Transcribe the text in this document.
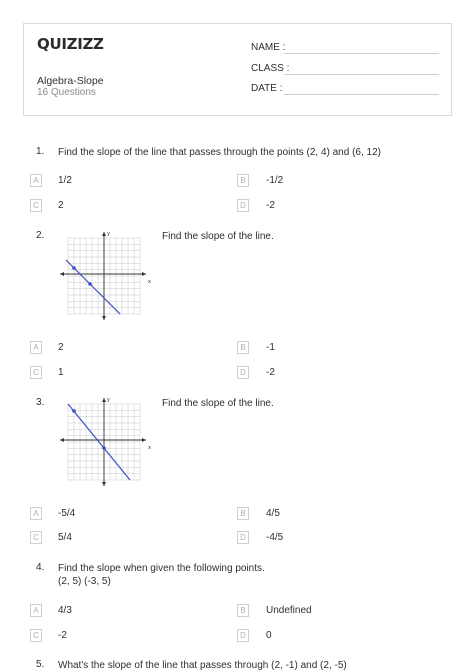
QUIZIZZ
Algebra-Slope
16 Questions
NAME :
CLASS :
DATE :
1. Find the slope of the line that passes through the points (2, 4) and (6, 12)
A	1/2	B	-1/2
C	2	D	-2
2.	Find the slope of the line.
x
y
A	2	B	-1
C	1	D	-2
3.	Find the slope of the line.
x
y
A	-5/4	B	4/5
C	5/4	D	-4/5
4. Find the slope when given the following points.
(2, 5) (-3, 5)
A	4/3	B	Undefined
C	-2	D	0
5. What's the slope of the line that passes through (2, -1) and (2, -5)
